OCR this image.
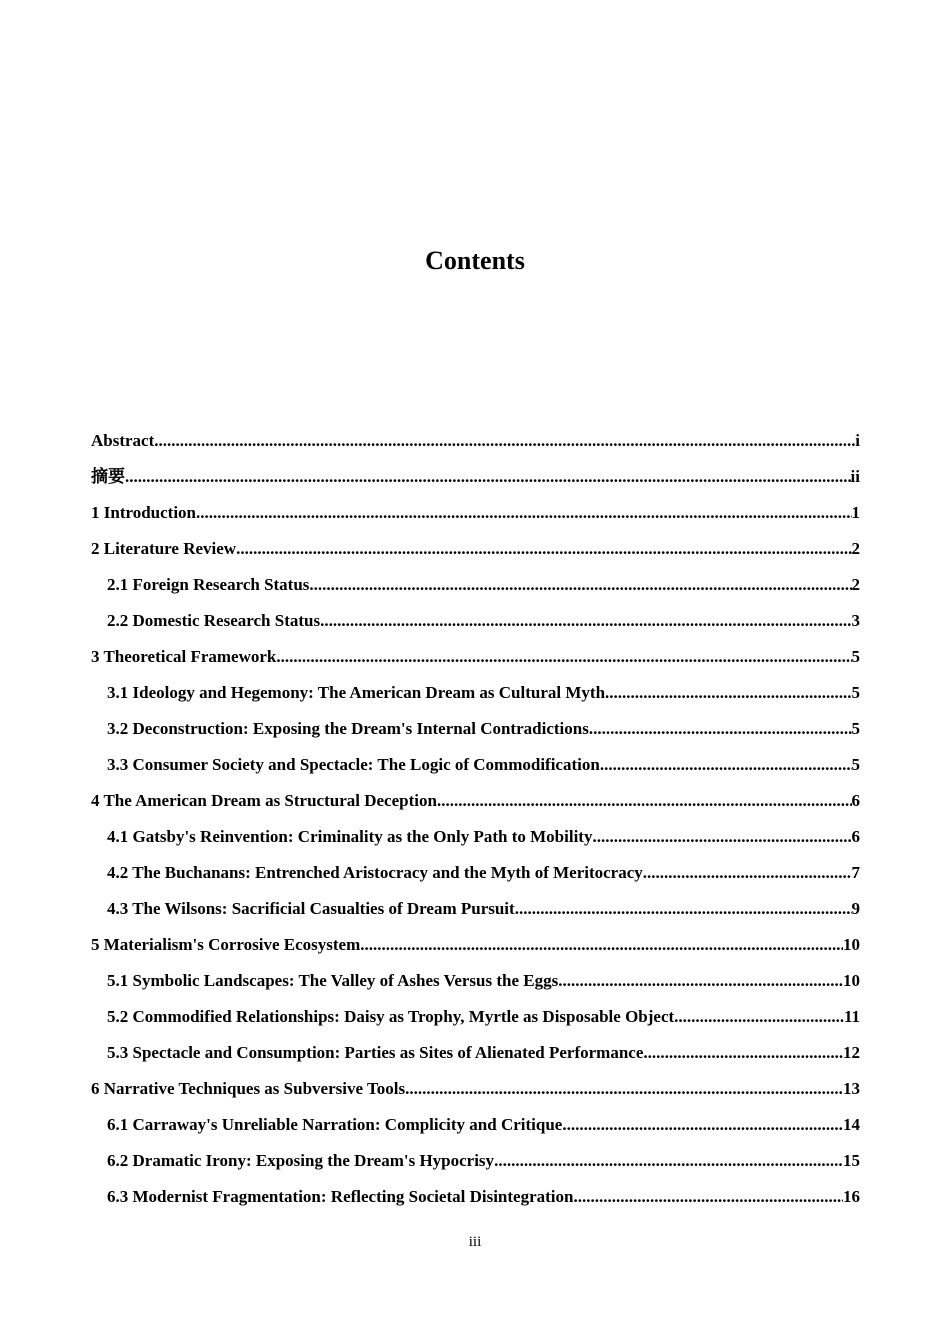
Contents
Abstract .....	i
摘要 .....	ii
1 Introduction .....	1
2 Literature Review .....	2
2.1 Foreign Research Status .....	2
2.2 Domestic Research Status .....	3
3 Theoretical Framework .....	5
3.1 Ideology and Hegemony: The American Dream as Cultural Myth .....	5
3.2 Deconstruction: Exposing the Dream's Internal Contradictions .....	5
3.3 Consumer Society and Spectacle: The Logic of Commodification .....	5
4 The American Dream as Structural Deception .....	6
4.1 Gatsby's Reinvention: Criminality as the Only Path to Mobility .....	6
4.2 The Buchanans: Entrenched Aristocracy and the Myth of Meritocracy .....	7
4.3 The Wilsons: Sacrificial Casualties of Dream Pursuit .....	9
5 Materialism's Corrosive Ecosystem .....	10
5.1 Symbolic Landscapes: The Valley of Ashes Versus the Eggs .....	10
5.2 Commodified Relationships: Daisy as Trophy, Myrtle as Disposable Object .....	11
5.3 Spectacle and Consumption: Parties as Sites of Alienated Performance .....	12
6 Narrative Techniques as Subversive Tools .....	13
6.1 Carraway's Unreliable Narration: Complicity and Critique .....	14
6.2 Dramatic Irony: Exposing the Dream's Hypocrisy .....	15
6.3 Modernist Fragmentation: Reflecting Societal Disintegration .....	16
iii
